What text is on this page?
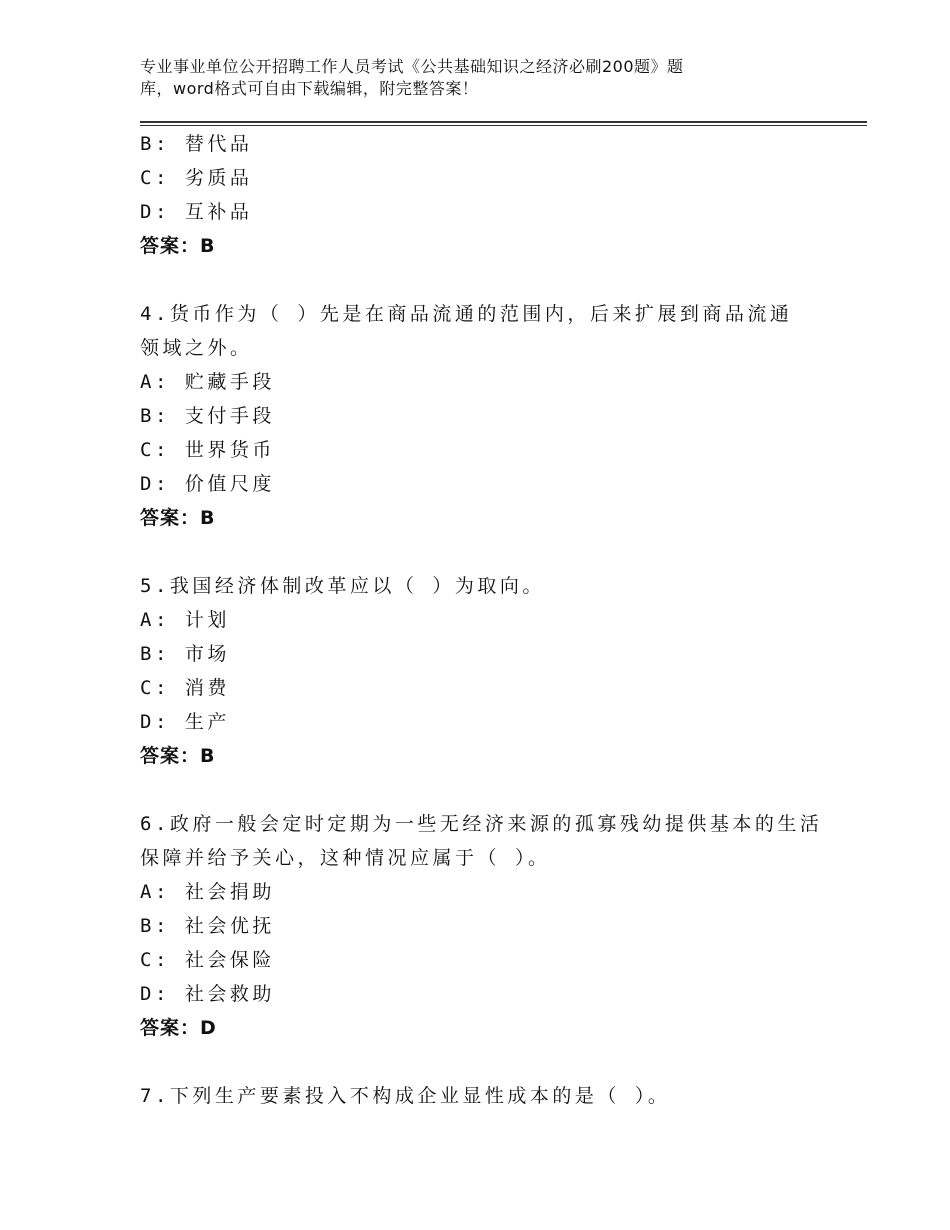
专业事业单位公开招聘工作人员考试《公共基础知识之经济必刷200题》题
库，word格式可自由下载编辑，附完整答案！
B: 替代品
C: 劣质品
D: 互补品
答案：B
4.货币作为（ ）先是在商品流通的范围内，后来扩展到商品流通
领域之外。
A: 贮藏手段
B: 支付手段
C: 世界货币
D: 价值尺度
答案：B
5.我国经济体制改革应以（ ）为取向。
A: 计划
B: 市场
C: 消费
D: 生产
答案：B
6.政府一般会定时定期为一些无经济来源的孤寡残幼提供基本的生活
保障并给予关心，这种情况应属于（ ）。
A: 社会捐助
B: 社会优抚
C: 社会保险
D: 社会救助
答案：D
7.下列生产要素投入不构成企业显性成本的是（ ）。
